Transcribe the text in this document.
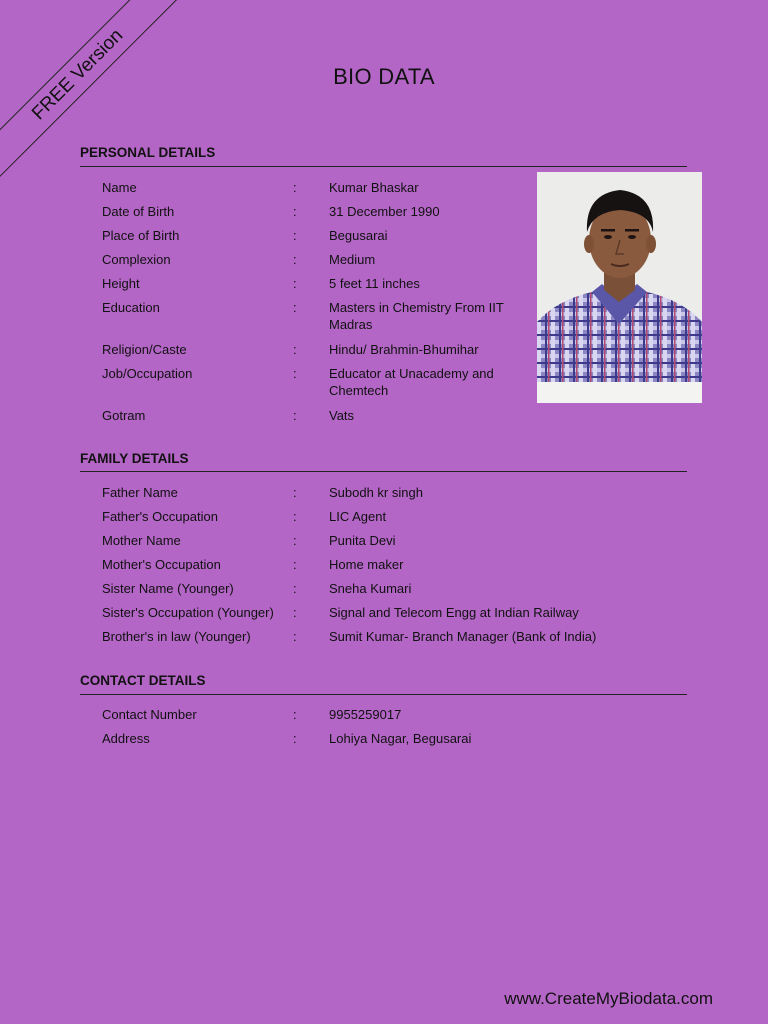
FREE Version	BIO DATA
PERSONAL DETAILS
Name	: Kumar Bhaskar
Date of Birth	: 31 December 1990
Place of Birth	: Begusarai
Complexion	: Medium
Height	: 5 feet 11 inches
Education	: Masters in Chemistry From IIT Madras
Religion/Caste	: Hindu/ Brahmin-Bhumihar
Job/Occupation	: Educator at Unacademy and Chemtech
Gotram	: Vats
FAMILY DETAILS
Father Name	: Subodh kr singh
Father's Occupation	: LIC Agent
Mother Name	: Punita Devi
Mother's Occupation	: Home maker
Sister Name (Younger)	: Sneha Kumari
Sister's Occupation (Younger)	: Signal and Telecom Engg at Indian Railway
Brother's in law (Younger)	: Sumit Kumar- Branch Manager (Bank of India)
CONTACT DETAILS
Contact Number	: 9955259017
Address	: Lohiya Nagar, Begusarai
www.CreateMyBiodata.com
